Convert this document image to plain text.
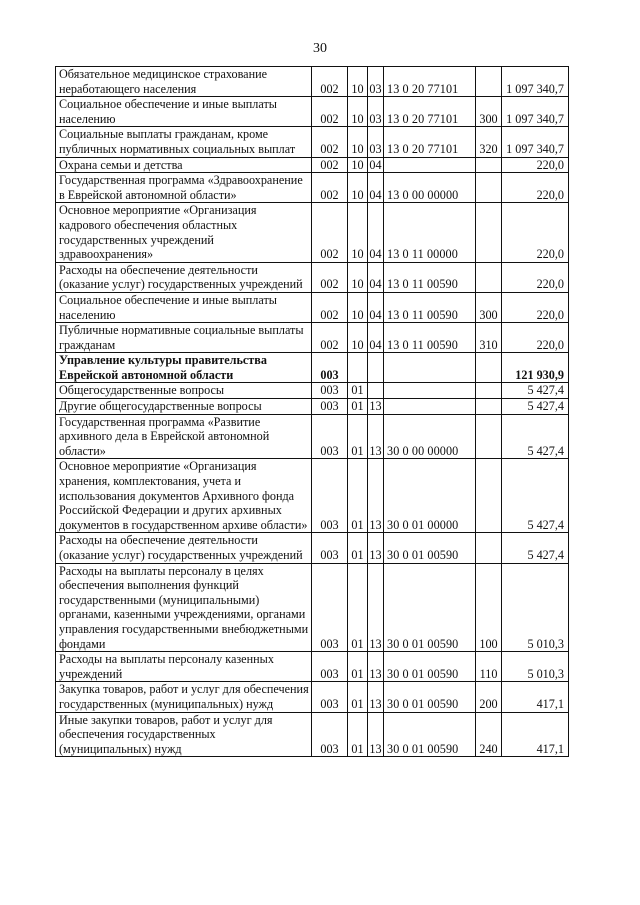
30
Обязательное медицинское страхование неработающего населения	002	10	03	13 0 20 77101		1 097 340,7
Социальное обеспечение и иные выплаты населению	002	10	03	13 0 20 77101	300	1 097 340,7
Социальные выплаты гражданам, кроме публичных нормативных социальных выплат	002	10	03	13 0 20 77101	320	1 097 340,7
Охрана семьи и детства	002	10	04			220,0
Государственная программа «Здравоохранение в Еврейской автономной области»	002	10	04	13 0 00 00000		220,0
Основное мероприятие «Организация кадрового обеспечения областных государственных учреждений здравоохранения»	002	10	04	13 0 11 00000		220,0
Расходы на обеспечение деятельности (оказание услуг) государственных учреждений	002	10	04	13 0 11 00590		220,0
Социальное обеспечение и иные выплаты населению	002	10	04	13 0 11 00590	300	220,0
Публичные нормативные социальные выплаты гражданам	002	10	04	13 0 11 00590	310	220,0
Управление культуры правительства Еврейской автономной области	003					121 930,9
Общегосударственные вопросы	003	01				5 427,4
Другие общегосударственные вопросы	003	01	13			5 427,4
Государственная программа «Развитие архивного дела в Еврейской автономной области»	003	01	13	30 0 00 00000		5 427,4
Основное мероприятие «Организация хранения, комплектования, учета и использования документов Архивного фонда Российской Федерации и других архивных документов в государственном архиве области»	003	01	13	30 0 01 00000		5 427,4
Расходы на обеспечение деятельности (оказание услуг) государственных учреждений	003	01	13	30 0 01 00590		5 427,4
Расходы на выплаты персоналу в целях обеспечения выполнения функций государственными (муниципальными) органами, казенными учреждениями, органами управления государственными внебюджетными фондами	003	01	13	30 0 01 00590	100	5 010,3
Расходы на выплаты персоналу казенных учреждений	003	01	13	30 0 01 00590	110	5 010,3
Закупка товаров, работ и услуг для обеспечения государственных (муниципальных) нужд	003	01	13	30 0 01 00590	200	417,1
Иные закупки товаров, работ и услуг для обеспечения государственных (муниципальных) нужд	003	01	13	30 0 01 00590	240	417,1
